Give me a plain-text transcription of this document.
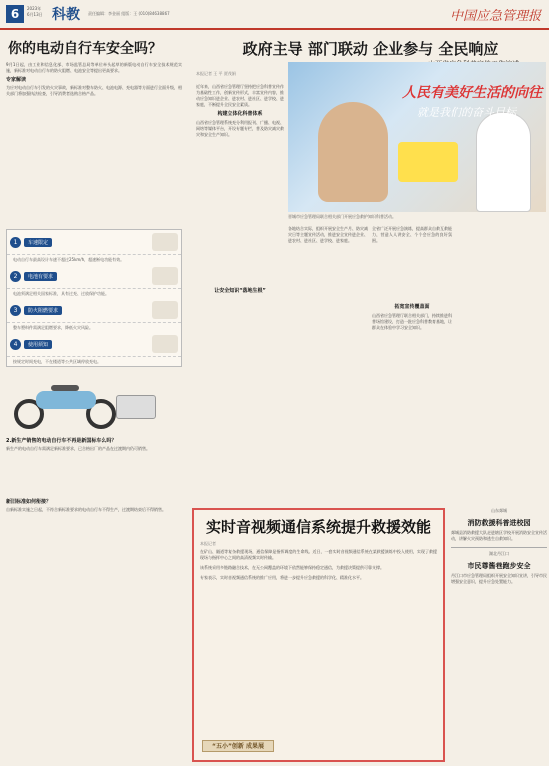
6	2023年
6月13日 科教 责任编辑：李金丽 组版：王 (010)84638867	中国应急管理报
你的电动自行车安全吗？
9月1日起，由工业和信息化部、市场监管总局等单位牵头起草的新版电动自行车安全技术规范实施，新标准对电动自行车的防火阻燃、电池安全等提出更高要求。
专家解读
为应对电动自行车引发的火灾事故，新标准对整车防火、电池电源、充电器等方面进行全面升级，相关部门将加强执法检查，引导消费者选购合格产品。
1	车速限定
电动自行车最高设计车速不超过25km/h，超速断电功能有效。
2	电池有要求
电池须满足相关国家标准，具有过充、过放保护功能。
3	防火阻燃要求
整车塑料件需满足阻燃要求，降低火灾风险。
4	使用须知
按规定时间充电，不在楼道等公共区域停放充电。
2.新生产销售的电动自行车不再是新国标车么吗？
新生产的电动自行车需满足新标准要求，已合格出厂的产品在过渡期内仍可销售。
新旧标准如何衔接？
自新标准实施之日起，不符合新标准要求的电动自行车不得生产，过渡期结束后不得销售。
政府主导 部门联动 企业参与 全民响应
本报记者 王 平 贾茂娟
人民有美好生活的向往
就是我们的奋斗目标
晋城市应急管理局联合相关部门开展应急救护知识科普活动。
近年来，山西省应急管理厅坚持把应急科普宣传作为基础性工作，创新宣传形式，丰富宣传内容，推动应急知识进企业、进农村、进社区、进学校、进家庭，不断提升全民安全素质。
构建立体化科普体系
山西省应急管理系统充分利用报刊、广播、电视、网络等媒体平台，开设专题专栏，普及防灾减灾救灾和安全生产知识。
让安全知识“落地生根”
各地结合实际，组织开展安全生产月、防灾减灾日等主题宣传活动，推进安全宣传进企业、进农村、进社区、进学校、进家庭。
全省广泛开展应急演练，提高群众自救互救能力，营造人人讲安全、个个会应急的良好氛围。
拓宽宣传覆盖面
山西省应急管理厅联合相关部门，持续推进科普场馆建设，打造一批应急科普教育基地，让群众在体验中学习安全知识。
实时音视频通信系统提升救援效能
本报记者
在矿山、隧道等复杂救援现场，通信保障是指挥调度的生命线。近日，一套实时音视频通信系统在某救援演练中投入使用，实现了救援现场与指挥中心之间的高清视频实时传输。
该系统采用多链路融合技术，在无公网覆盖的环境下依然能够保持稳定通信，为救援决策提供可靠支撑。
专家表示，实时音视频通信系统的推广应用，将进一步提升应急救援的科学化、精准化水平。
“五小”创新 成果展
山东郯城
消防救援科普进校园
郯城县消防救援大队走进辖区学校开展消防安全宣传活动，讲解火灾预防和逃生自救知识。
湖北丹江口
市民尊酱巷跑步安全
丹江口市应急管理局组织开展安全知识宣讲，引导市民增强安全意识，提升应急处置能力。
